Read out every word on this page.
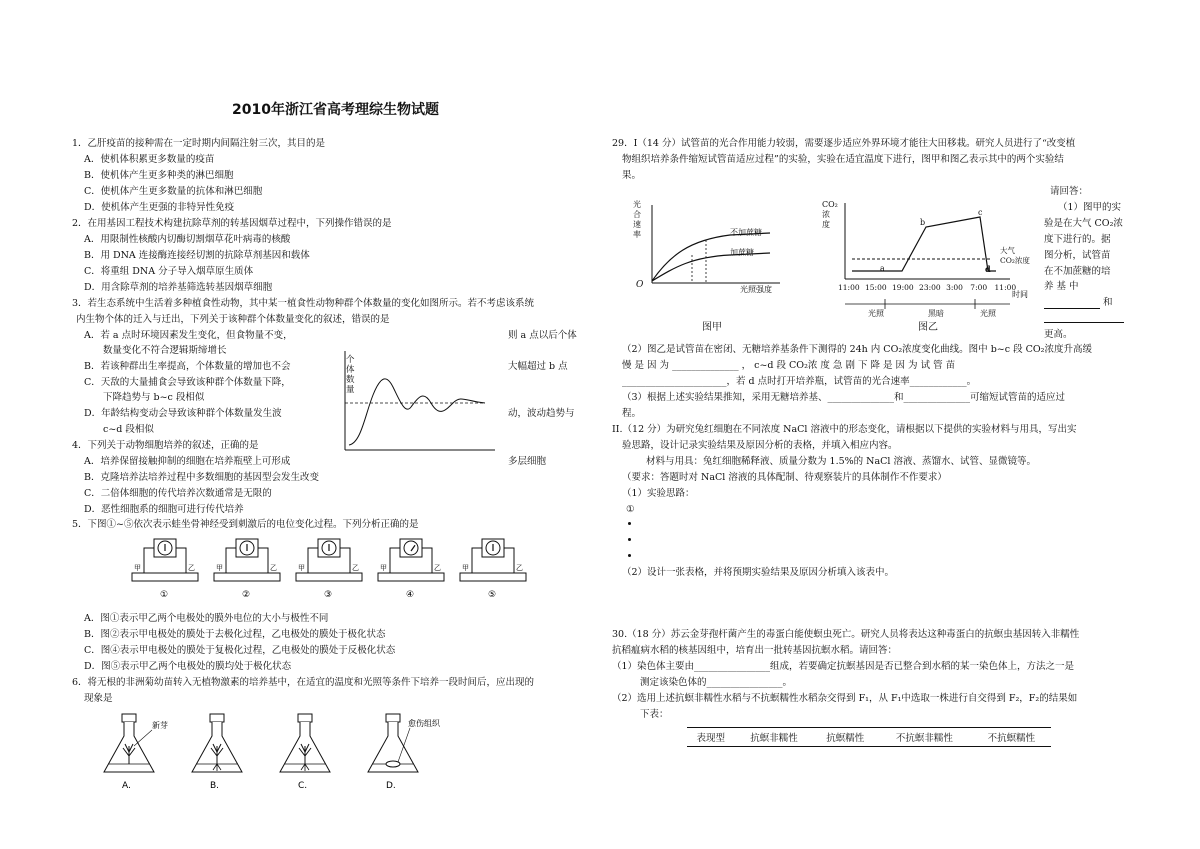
2010年浙江省高考理综生物试题
1．乙肝疫苗的接种需在一定时期内间隔注射三次，其目的是
A．使机体积累更多数量的疫苗
B．使机体产生更多种类的淋巴细胞
C．使机体产生更多数量的抗体和淋巴细胞
D．使机体产生更强的非特异性免疫
2．在用基因工程技术构建抗除草剂的转基因烟草过程中，下列操作错误的是
A．用限制性核酸内切酶切割烟草花叶病毒的核酸
B．用 DNA 连接酶连接经切割的抗除草剂基因和载体
C．将重组 DNA 分子导入烟草原生质体
D．用含除草剂的培养基筛选转基因烟草细胞
3．若生态系统中生活着多种植食性动物，其中某一植食性动物种群个体数量的变化如图所示。若不考虑该系统
内生物个体的迁入与迁出，下列关于该种群个体数量变化的叙述，错误的是
A．若 a 点时环境因素发生变化，但食物量不变，
数量变化不符合逻辑斯缔增长
B．若该种群出生率提高，个体数量的增加也不会
C．天敌的大量捕食会导致该种群个体数量下降，
下降趋势与 b~c 段相似
D．年龄结构变动会导致该种群个体数量发生波
c~d 段相似
则 a 点以后个体
大幅超过 b 点
动，波动趋势与
4．下列关于动物细胞培养的叙述，正确的是
A．培养保留接触抑制的细胞在培养瓶壁上可形成	多层细胞
B．克隆培养法培养过程中多数细胞的基因型会发生改变
C．二倍体细胞的传代培养次数通常是无限的
D．恶性细胞系的细胞可进行传代培养
5．下图①~⑤依次表示蛙坐骨神经受到刺激后的电位变化过程。下列分析正确的是
A．图①表示甲乙两个电极处的膜外电位的大小与极性不同
B．图②表示甲电极处的膜处于去极化过程，乙电极处的膜处于极化状态
C．图④表示甲电极处的膜处于复极化过程，乙电极处的膜处于反极化状态
D．图⑤表示甲乙两个电极处的膜均处于极化状态
6．将无根的非洲菊幼苗转入无植物激素的培养基中，在适宜的温度和光照等条件下培养一段时间后，应出现的
现象是
个
体
数
量
甲	乙
①
甲	乙
②
甲	乙
③
甲	乙
④
甲	乙
⑤
新芽
A.	B.	C.
愈伤组织
D.
29．I（14 分）试管苗的光合作用能力较弱，需要逐步适应外界环境才能往大田移栽。研究人员进行了“改变植
物组织培养条件缩短试管苗适应过程”的实验，实验在适宜温度下进行，图甲和图乙表示其中的两个实验结
果。
请回答：
（1）图甲的实
验是在大气 CO₂浓
度下进行的。据
图分析，试管苗
在不加蔗糖的培
养 基 中
和
更高。
光
合
速
率
O	光照强度
不加蔗糖
加蔗糖
图甲
CO₂
浓
度
a
b
c
d
大气
CO₂浓度
11:00 15:00 19:00 23:00 3:00 7:00 11:00
时间
光照	黑暗	光照
图乙
（2）图乙是试管苗在密闭、无糖培养基条件下测得的 24h 内 CO₂浓度变化曲线。图中 b~c 段 CO₂浓度升高缓
慢 是 因 为 ______________ ， c~d 段 CO₂浓 度 急 剧 下 降 是 因 为 试 管 苗
______________________，若 d 点时打开培养瓶，试管苗的光合速率____________。
（3）根据上述实验结果推知，采用无糖培养基、______________和______________可缩短试管苗的适应过
程。
II.（12 分）为研究兔红细胞在不同浓度 NaCl 溶液中的形态变化，请根据以下提供的实验材料与用具，写出实
验思路，设计记录实验结果及原因分析的表格，并填入相应内容。
材料与用具：兔红细胞稀释液、质量分数为 1.5%的 NaCl 溶液、蒸馏水、试管、显微镜等。
（要求：答题时对 NaCl 溶液的具体配制、待观察装片的具体制作不作要求）
（1）实验思路：
①
（2）设计一张表格，并将预期实验结果及原因分析填入该表中。
30.（18 分）苏云金芽孢杆菌产生的毒蛋白能使螟虫死亡。研究人员将表达这种毒蛋白的抗螟虫基因转入非糯性
抗稻瘟病水稻的核基因组中，培育出一批转基因抗螟水稻。请回答：
（1）染色体主要由________________组成，若要确定抗螟基因是否已整合到水稻的某一染色体上，方法之一是
测定该染色体的________________。
（2）选用上述抗螟非糯性水稻与不抗螟糯性水稻杂交得到 F₁，从 F₁中选取一株进行自交得到 F₂，F₂的结果如
下表：
表现型	抗螟非糯性	抗螟糯性	不抗螟非糯性	不抗螟糯性
